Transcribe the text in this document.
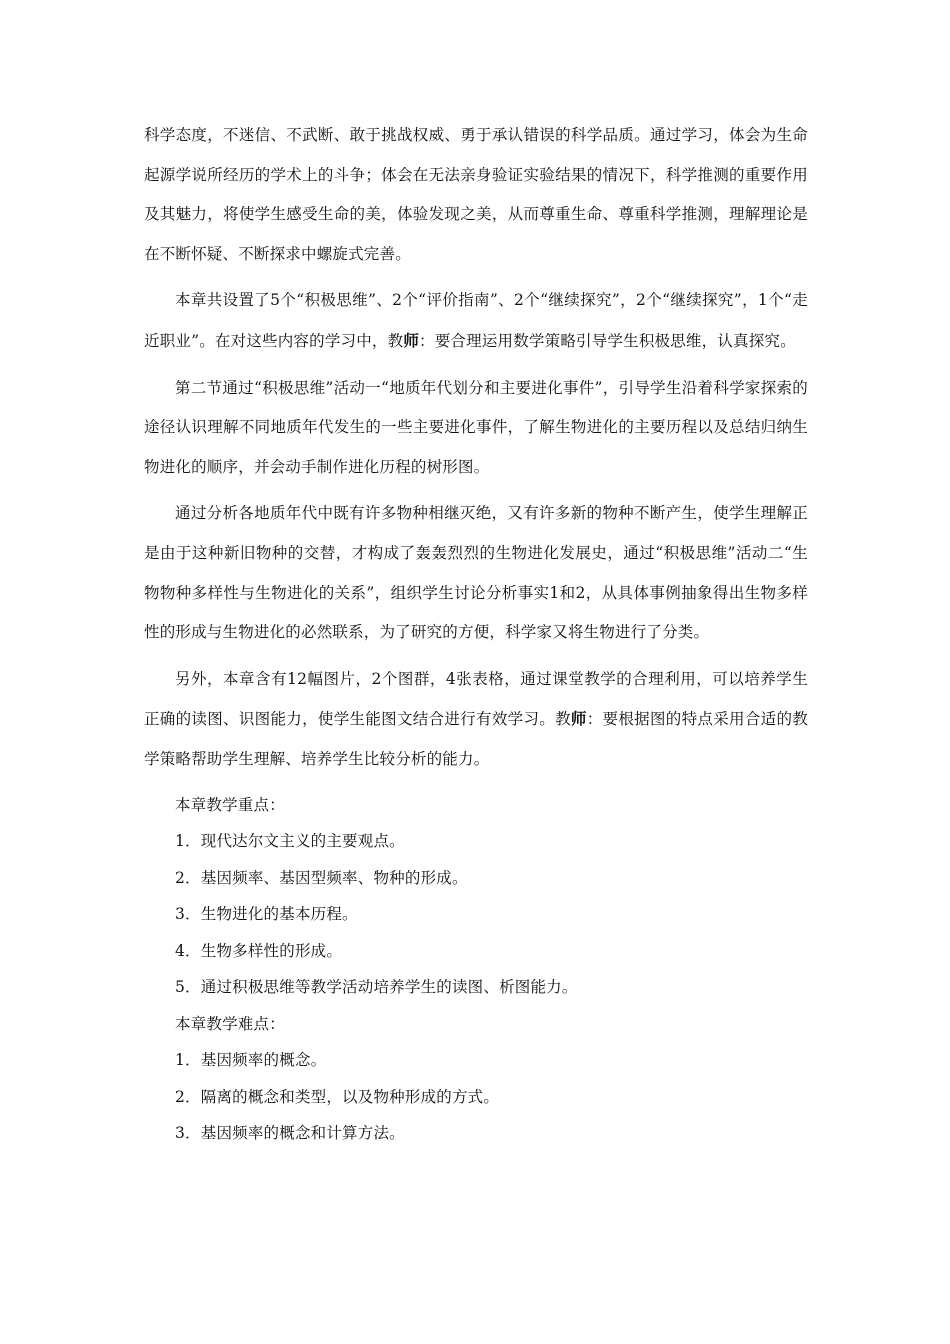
科学态度，不迷信、不武断、敢于挑战权威、勇于承认错误的科学品质。通过学习，体会为生命起源学说所经历的学术上的斗争；体会在无法亲身验证实验结果的情况下，科学推测的重要作用及其魅力，将使学生感受生命的美，体验发现之美，从而尊重生命、尊重科学推测，理解理论是在不断怀疑、不断探求中螺旋式完善。

本章共设置了5个“积极思维”、2个“评价指南”、2个“继续探究”，2个“继续探究”，1个“走近职业”。在对这些内容的学习中，教师：要合理运用数学策略引导学生积极思维，认真探究。

第二节通过“积极思维”活动一“地质年代划分和主要进化事件”，引导学生沿着科学家探索的途径认识理解不同地质年代发生的一些主要进化事件，了解生物进化的主要历程以及总结归纳生物进化的顺序，并会动手制作进化历程的树形图。

通过分析各地质年代中既有许多物种相继灭绝，又有许多新的物种不断产生，使学生理解正是由于这种新旧物种的交替，才构成了轰轰烈烈的生物进化发展史，通过“积极思维”活动二“生物物种多样性与生物进化的关系”，组织学生讨论分析事实1和2，从具体事例抽象得出生物多样性的形成与生物进化的必然联系，为了研究的方便，科学家又将生物进行了分类。

另外，本章含有12幅图片，2个图群，4张表格，通过课堂教学的合理利用，可以培养学生正确的读图、识图能力，使学生能图文结合进行有效学习。教师：要根据图的特点采用合适的教学策略帮助学生理解、培养学生比较分析的能力。

本章教学重点：

1．现代达尔文主义的主要观点。

2．基因频率、基因型频率、物种的形成。

3．生物进化的基本历程。

4．生物多样性的形成。

5．通过积极思维等教学活动培养学生的读图、析图能力。

本章教学难点：

1．基因频率的概念。

2．隔离的概念和类型，以及物种形成的方式。

3．基因频率的概念和计算方法。
